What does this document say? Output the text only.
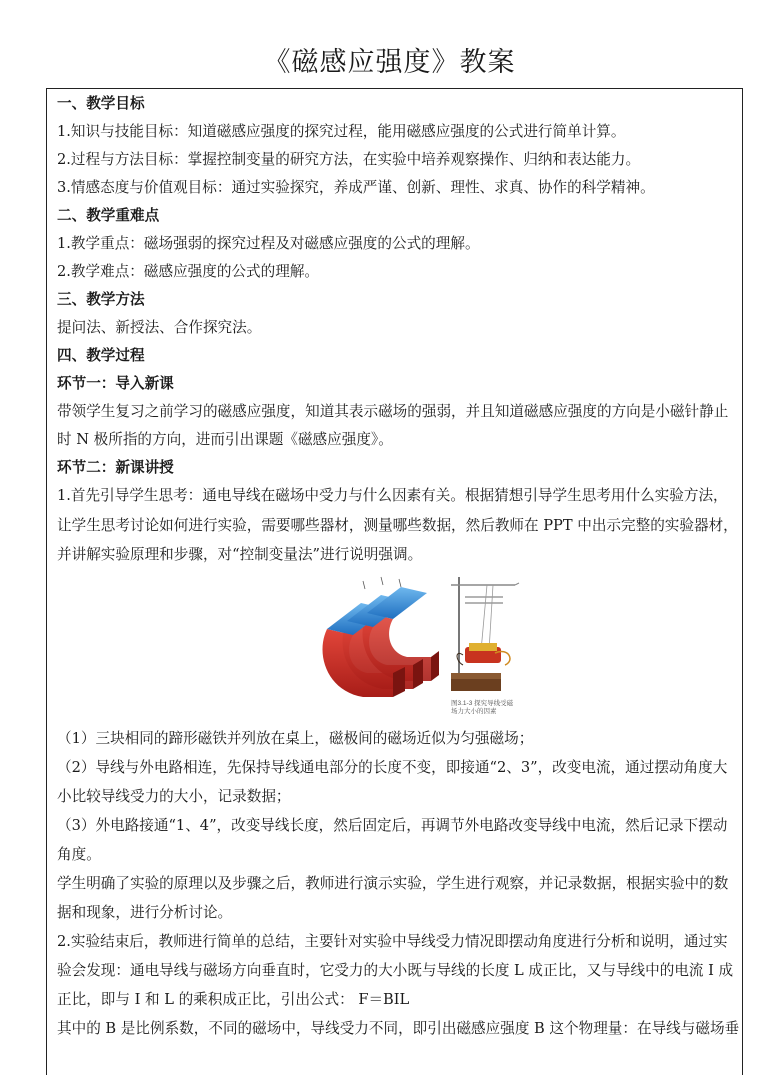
《磁感应强度》教案
一、教学目标
1.知识与技能目标：知道磁感应强度的探究过程，能用磁感应强度的公式进行简单计算。
2.过程与方法目标：掌握控制变量的研究方法，在实验中培养观察操作、归纳和表达能力。
3.情感态度与价值观目标：通过实验探究，养成严谨、创新、理性、求真、协作的科学精神。
二、教学重难点
1.教学重点：磁场强弱的探究过程及对磁感应强度的公式的理解。
2.教学难点：磁感应强度的公式的理解。
三、教学方法
提问法、新授法、合作探究法。
四、教学过程
环节一：导入新课
带领学生复习之前学习的磁感应强度，知道其表示磁场的强弱，并且知道磁感应强度的方向是小磁针静止
时 N 极所指的方向，进而引出课题《磁感应强度》。
环节二：新课讲授
1.首先引导学生思考：通电导线在磁场中受力与什么因素有关。根据猜想引导学生思考用什么实验方法，
让学生思考讨论如何进行实验，需要哪些器材，测量哪些数据，然后教师在 PPT 中出示完整的实验器材，
并讲解实验原理和步骤，对“控制变量法”进行说明强调。
图3.1-3 探究导线受磁
场力大小的因素
（1）三块相同的蹄形磁铁并列放在桌上，磁极间的磁场近似为匀强磁场；
（2）导线与外电路相连，先保持导线通电部分的长度不变，即接通“2、3”，改变电流，通过摆动角度大
小比较导线受力的大小，记录数据；
（3）外电路接通“1、4”，改变导线长度，然后固定后，再调节外电路改变导线中电流，然后记录下摆动
角度。
学生明确了实验的原理以及步骤之后，教师进行演示实验，学生进行观察，并记录数据，根据实验中的数
据和现象，进行分析讨论。
2.实验结束后，教师进行简单的总结，主要针对实验中导线受力情况即摆动角度进行分析和说明，通过实
验会发现：通电导线与磁场方向垂直时，它受力的大小既与导线的长度 L 成正比，又与导线中的电流 I 成
正比，即与 I 和 L 的乘积成正比，引出公式： F＝BIL
其中的 B 是比例系数，不同的磁场中，导线受力不同，即引出磁感应强度 B 这个物理量：在导线与磁场垂
